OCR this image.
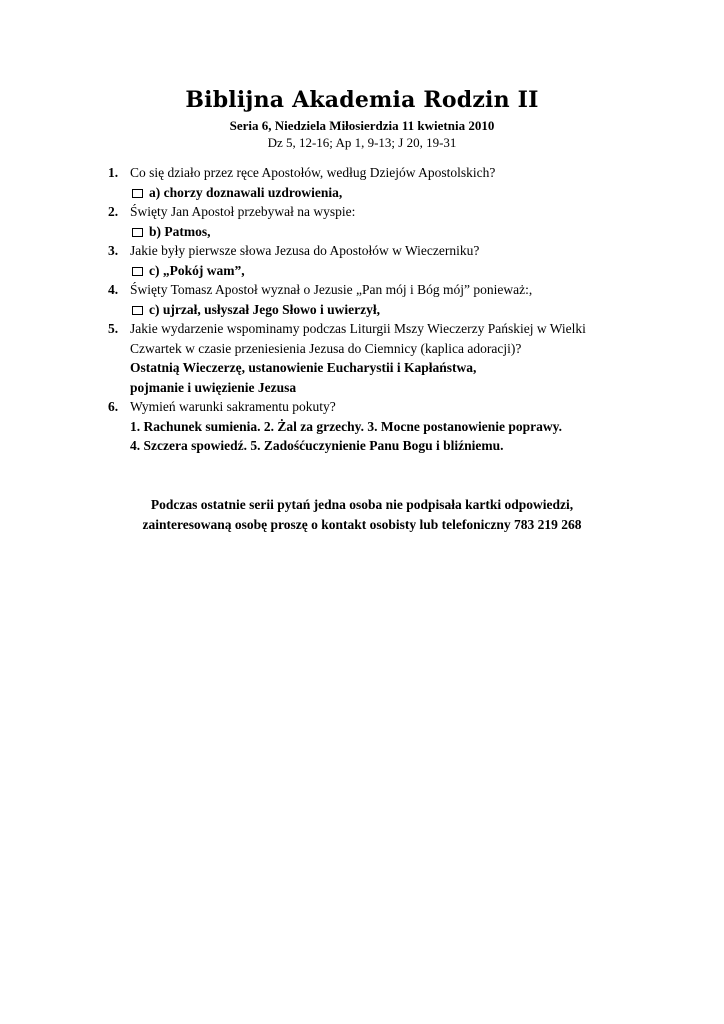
Biblijna Akademia Rodzin II
Seria 6, Niedziela Miłosierdzia 11 kwietnia 2010
Dz 5, 12-16; Ap 1, 9-13; J 20, 19-31
1. Co się działo przez ręce Apostołów, według Dziejów Apostolskich?
a) chorzy doznawali uzdrowienia,
2. Święty Jan Apostoł przebywał na wyspie:
b) Patmos,
3. Jakie były pierwsze słowa Jezusa do Apostołów w Wieczerniku?
c) „Pokój wam”,
4. Święty Tomasz Apostoł wyznał o Jezusie „Pan mój i Bóg mój” ponieważ:,
c) ujrzał, usłyszał Jego Słowo i uwierzył,
5. Jakie wydarzenie wspominamy podczas Liturgii Mszy Wieczerzy Pańskiej w Wielki Czwartek w czasie przeniesienia Jezusa do Ciemnicy (kaplica adoracji)?
Ostatnią Wieczerzę, ustanowienie Eucharystii i Kapłaństwa,
pojmanie i uwięzienie Jezusa
6. Wymień warunki sakramentu pokuty?
1. Rachunek sumienia. 2. Żal za grzechy. 3. Mocne postanowienie poprawy.
4. Szczera spowiedź. 5. Zadośćuczynienie Panu Bogu i bliźniemu.
Podczas ostatnie serii pytań jedna osoba nie podpisała kartki odpowiedzi,
zainteresowaną osobę proszę o kontakt osobisty lub telefoniczny 783 219 268
